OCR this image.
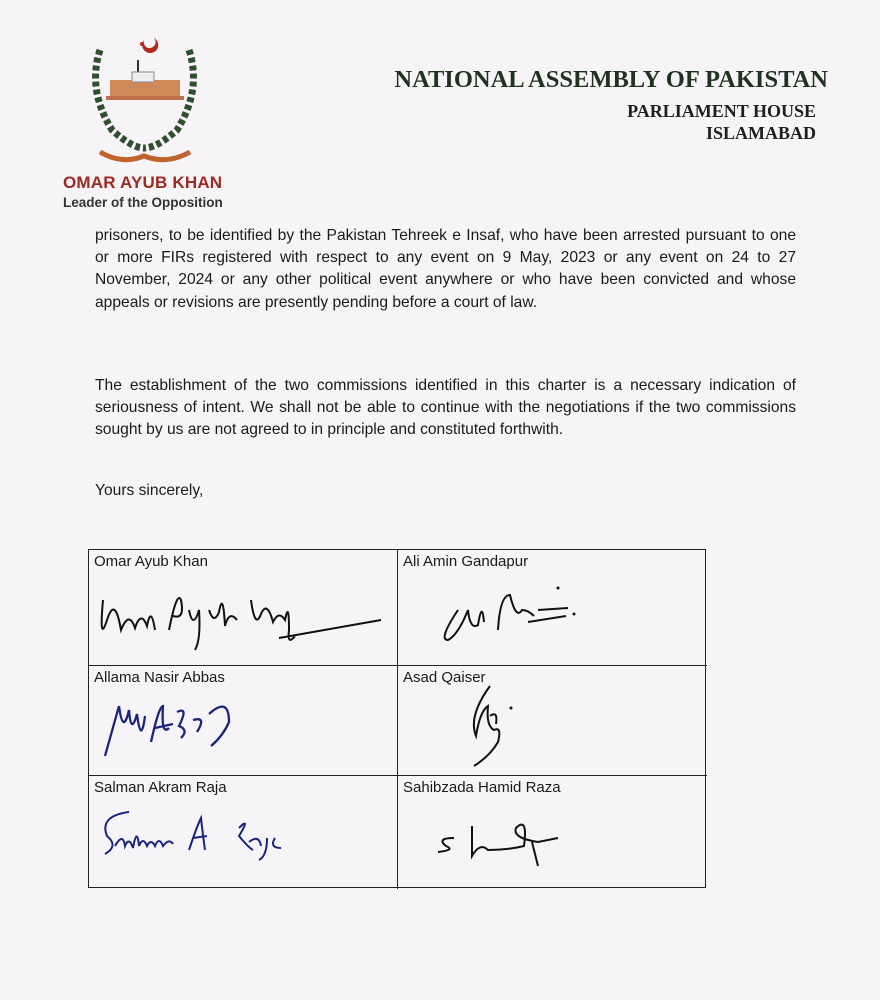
OMAR AYUB KHAN
Leader of the Opposition
NATIONAL ASSEMBLY OF PAKISTAN
PARLIAMENT HOUSE
ISLAMABAD
prisoners, to be identified by the Pakistan Tehreek e Insaf, who have been arrested pursuant to one or more FIRs registered with respect to any event on 9 May, 2023 or any event on 24 to 27 November, 2024 or any other political event anywhere or who have been convicted and whose appeals or revisions are presently pending before a court of law.
The establishment of the two commissions identified in this charter is a necessary indication of seriousness of intent. We shall not be able to continue with the negotiations if the two commissions sought by us are not agreed to in principle and constituted forthwith.
Yours sincerely,
Omar Ayub Khan	Ali Amin Gandapur
Allama Nasir Abbas	Asad Qaiser
Salman Akram Raja	Sahibzada Hamid Raza
